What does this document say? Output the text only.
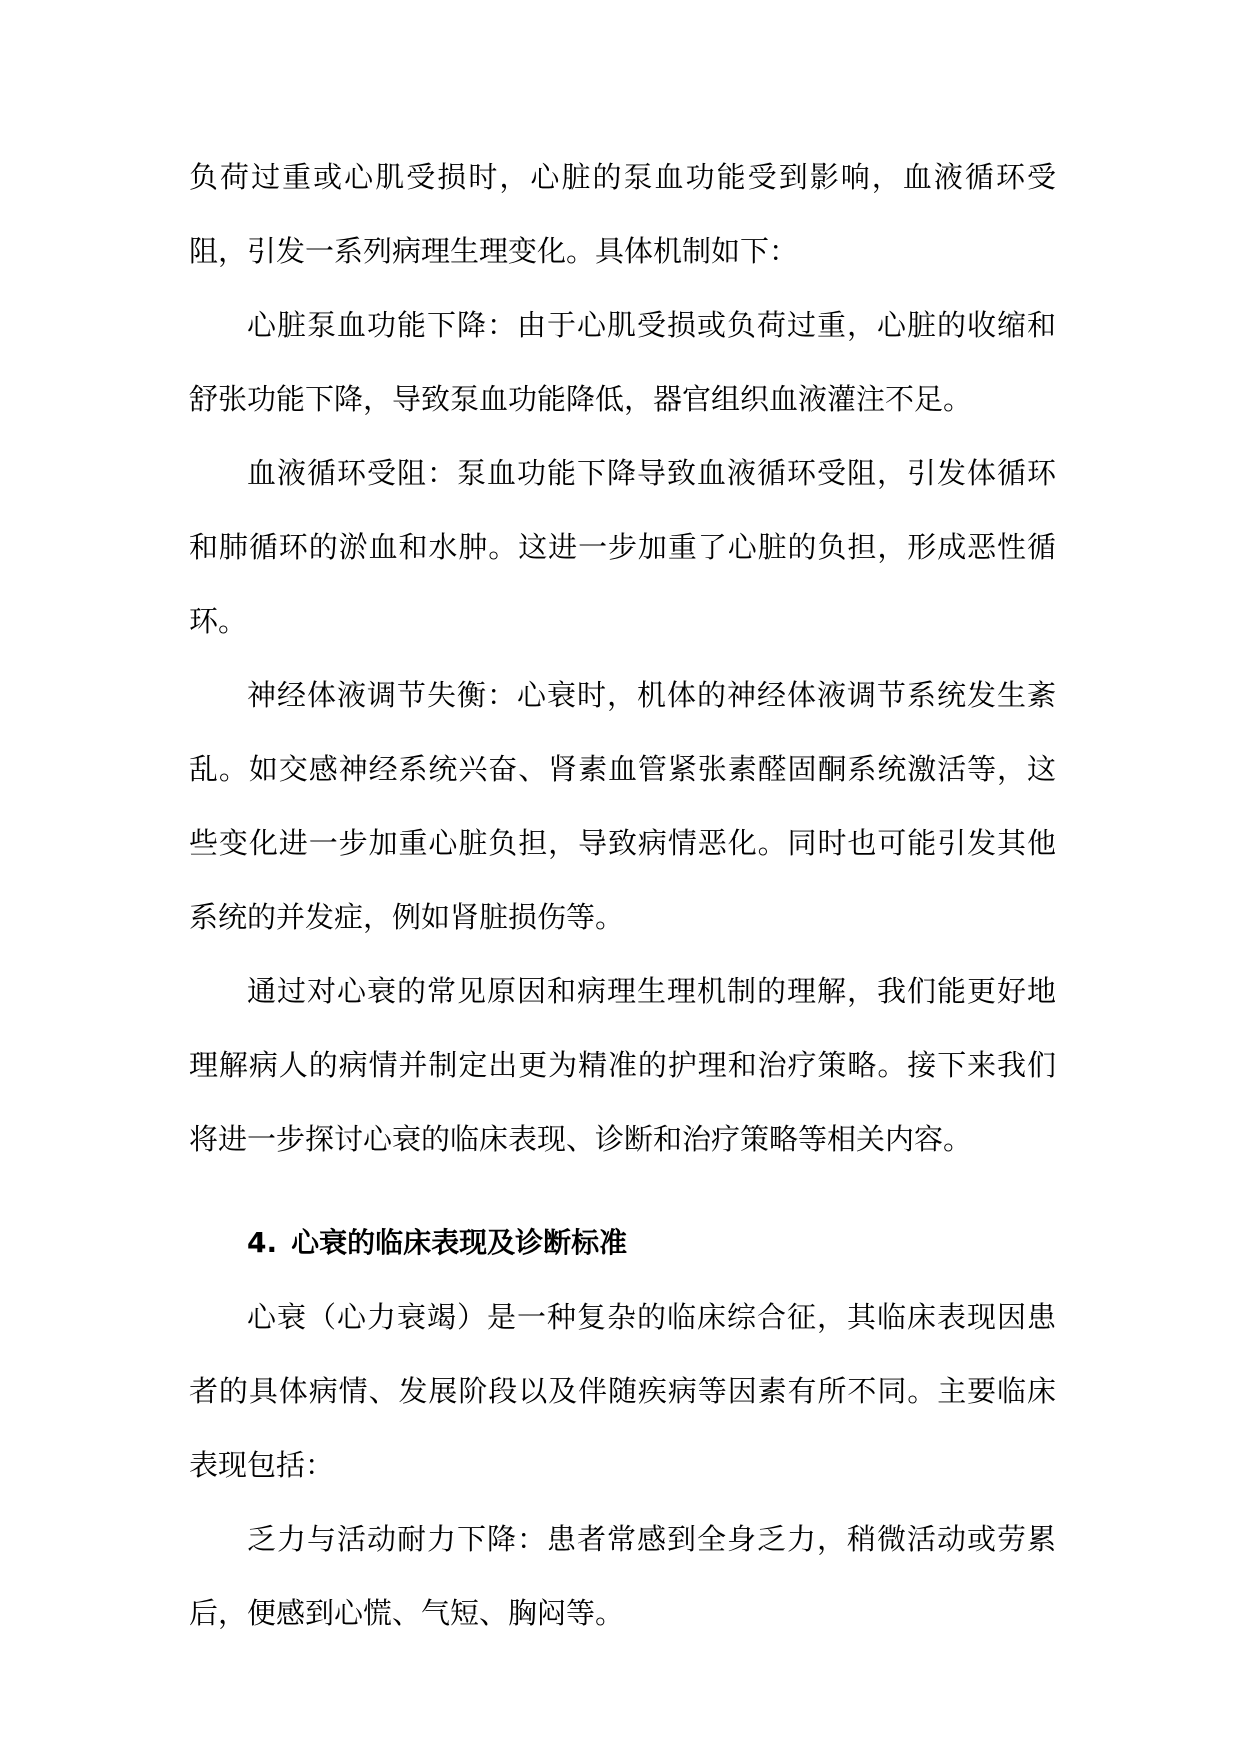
负荷过重或心肌受损时，心脏的泵血功能受到影响，血液循环受阻，引发一系列病理生理变化。具体机制如下：

心脏泵血功能下降：由于心肌受损或负荷过重，心脏的收缩和舒张功能下降，导致泵血功能降低，器官组织血液灌注不足。

血液循环受阻：泵血功能下降导致血液循环受阻，引发体循环和肺循环的淤血和水肿。这进一步加重了心脏的负担，形成恶性循环。

神经体液调节失衡：心衰时，机体的神经体液调节系统发生紊乱。如交感神经系统兴奋、肾素血管紧张素醛固酮系统激活等，这些变化进一步加重心脏负担，导致病情恶化。同时也可能引发其他系统的并发症，例如肾脏损伤等。

通过对心衰的常见原因和病理生理机制的理解，我们能更好地理解病人的病情并制定出更为精准的护理和治疗策略。接下来我们将进一步探讨心衰的临床表现、诊断和治疗策略等相关内容。

4. 心衰的临床表现及诊断标准

心衰（心力衰竭）是一种复杂的临床综合征，其临床表现因患者的具体病情、发展阶段以及伴随疾病等因素有所不同。主要临床表现包括：

乏力与活动耐力下降：患者常感到全身乏力，稍微活动或劳累后，便感到心慌、气短、胸闷等。
